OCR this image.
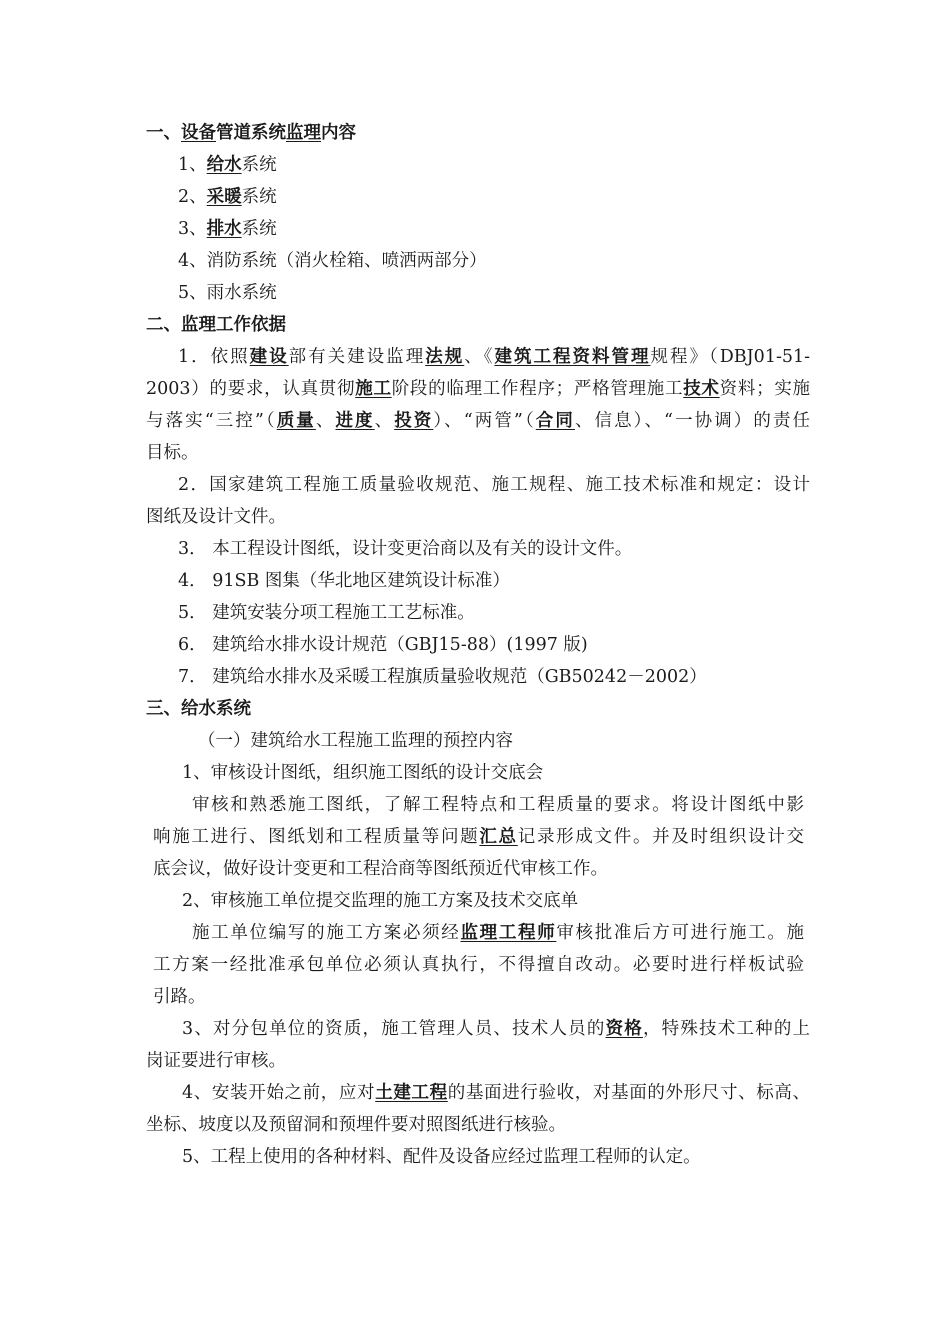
一、设备管道系统监理内容
1、给水系统
2、采暖系统
3、排水系统
4、消防系统（消火栓箱、喷洒两部分）
5、雨水系统
二、监理工作依据
1．依照建设部有关建设监理法规、《建筑工程资料管理规程》（DBJ01-51-
2003）的要求，认真贯彻施工阶段的临理工作程序；严格管理施工技术资料；实施
与落实“三控”（质量、进度、投资）、“两管”（合同、信息）、“一协调）的责任
目标。
2．国家建筑工程施工质量验收规范、施工规程、施工技术标准和规定：设计
图纸及设计文件。
3． 本工程设计图纸，设计变更洽商以及有关的设计文件。
4． 91SB 图集（华北地区建筑设计标准）
5． 建筑安装分项工程施工工艺标准。
6． 建筑给水排水设计规范（GBJ15-88）(1997 版)
7． 建筑给水排水及采暖工程旗质量验收规范（GB50242－2002）
三、给水系统
（一）建筑给水工程施工监理的预控内容
1、审核设计图纸，组织施工图纸的设计交底会
审核和熟悉施工图纸，了解工程特点和工程质量的要求。将设计图纸中影
响施工进行、图纸划和工程质量等问题汇总记录形成文件。并及时组织设计交
底会议，做好设计变更和工程洽商等图纸预近代审核工作。
2、审核施工单位提交监理的施工方案及技术交底单
施工单位编写的施工方案必须经监理工程师审核批准后方可进行施工。施
工方案一经批准承包单位必须认真执行，不得擅自改动。必要时进行样板试验
引路。
3、对分包单位的资质，施工管理人员、技术人员的资格，特殊技术工种的上
岗证要进行审核。
4、安装开始之前，应对土建工程的基面进行验收，对基面的外形尺寸、标高、
坐标、坡度以及预留洞和预埋件要对照图纸进行核验。
5、工程上使用的各种材料、配件及设备应经过监理工程师的认定。
